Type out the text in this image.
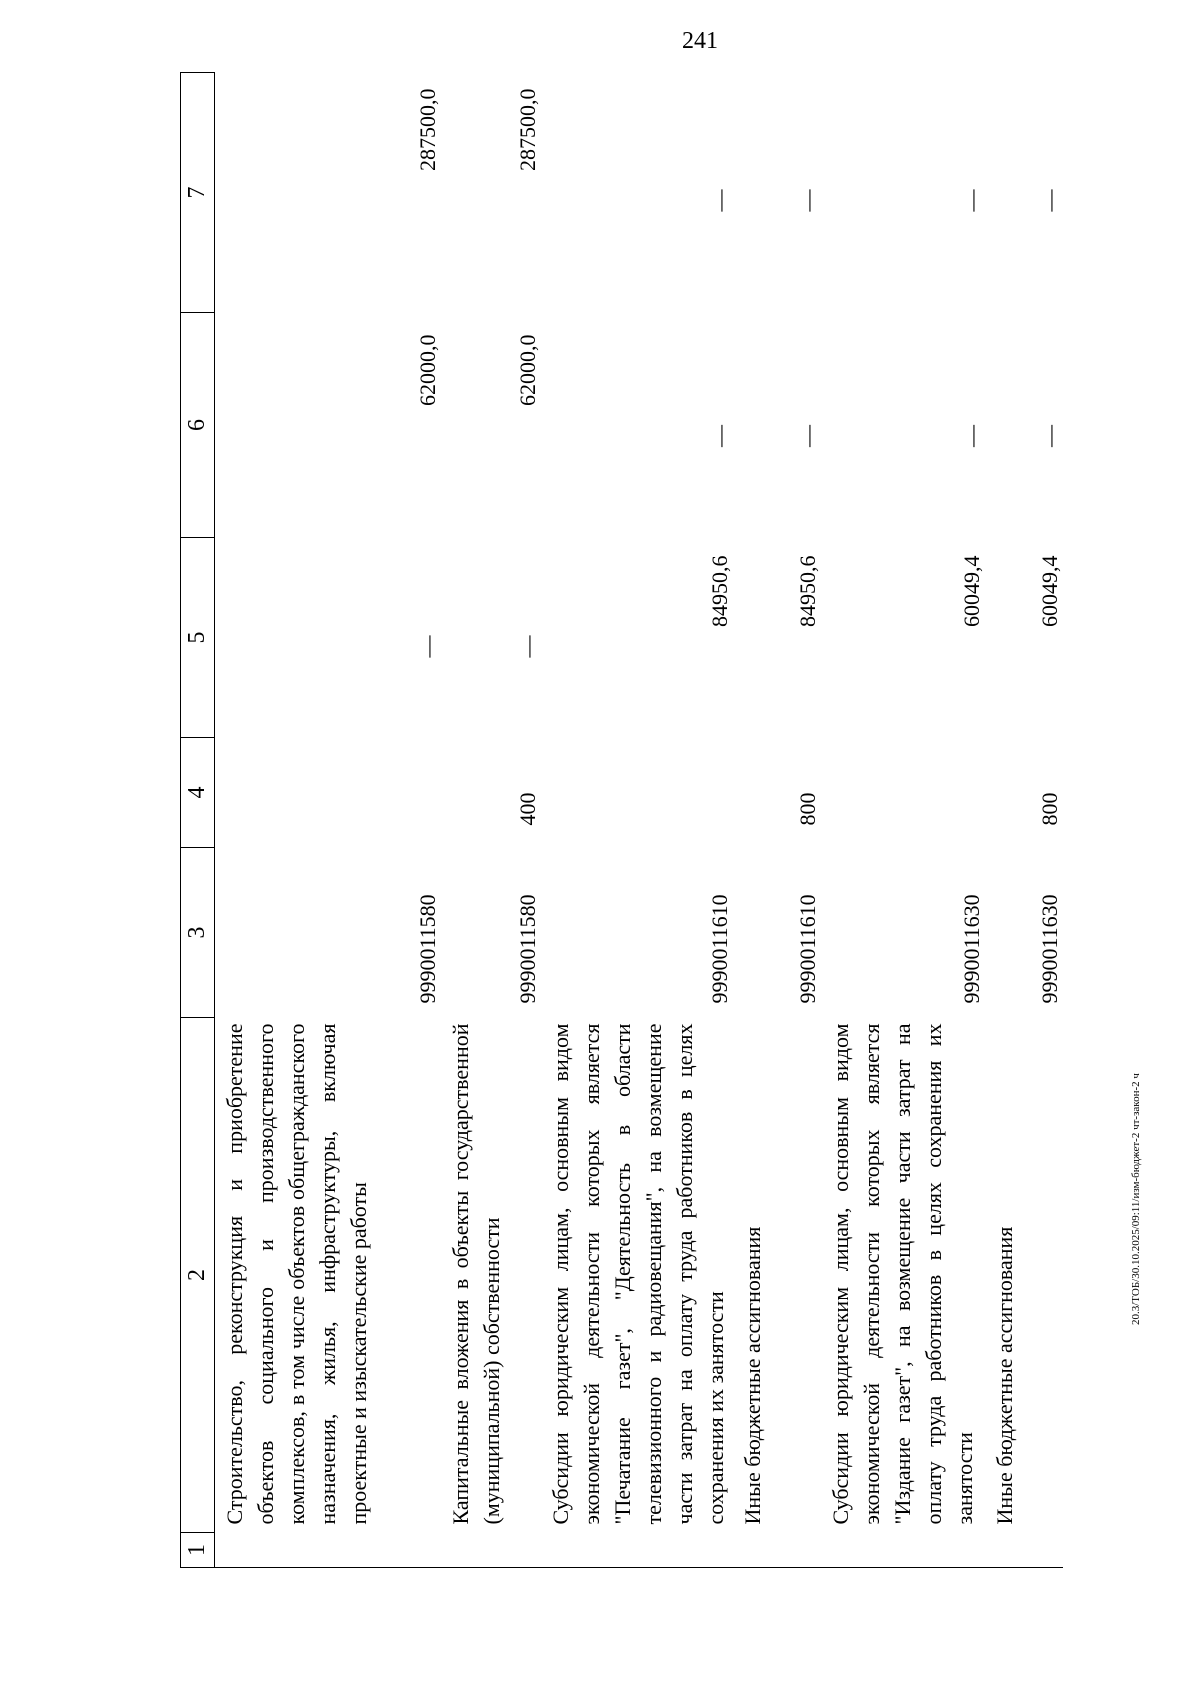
241
20.3/ТОБ/30.10.2025/09:11/изм-бюджет-2 чт-закон-2 ч
1	2	3	4	5	6	7
	Строительство, реконструкция и приобретение объектов социального и производственного комплексов, в том числе объектов общегражданского назначения, жилья, инфраструктуры, включая проектные и изыскательские работы	9990011580		—	62000,0	287500,0
	Капитальные вложения в объекты государственной (муниципальной) собственности	9990011580	400	—	62000,0	287500,0
	Субсидии юридическим лицам, основным видом экономической деятельности которых является "Печатание газет", "Деятельность в области телевизионного и радиовещания", на возмещение части затрат на оплату труда работников в целях сохранения их занятости	9990011610		84950,6	—	—
	Иные бюджетные ассигнования	9990011610	800	84950,6	—	—
	Субсидии юридическим лицам, основным видом экономической деятельности которых является "Издание газет", на возмещение части затрат на оплату труда работников в целях сохранения их занятости	9990011630		60049,4	—	—
	Иные бюджетные ассигнования	9990011630	800	60049,4	—	—
